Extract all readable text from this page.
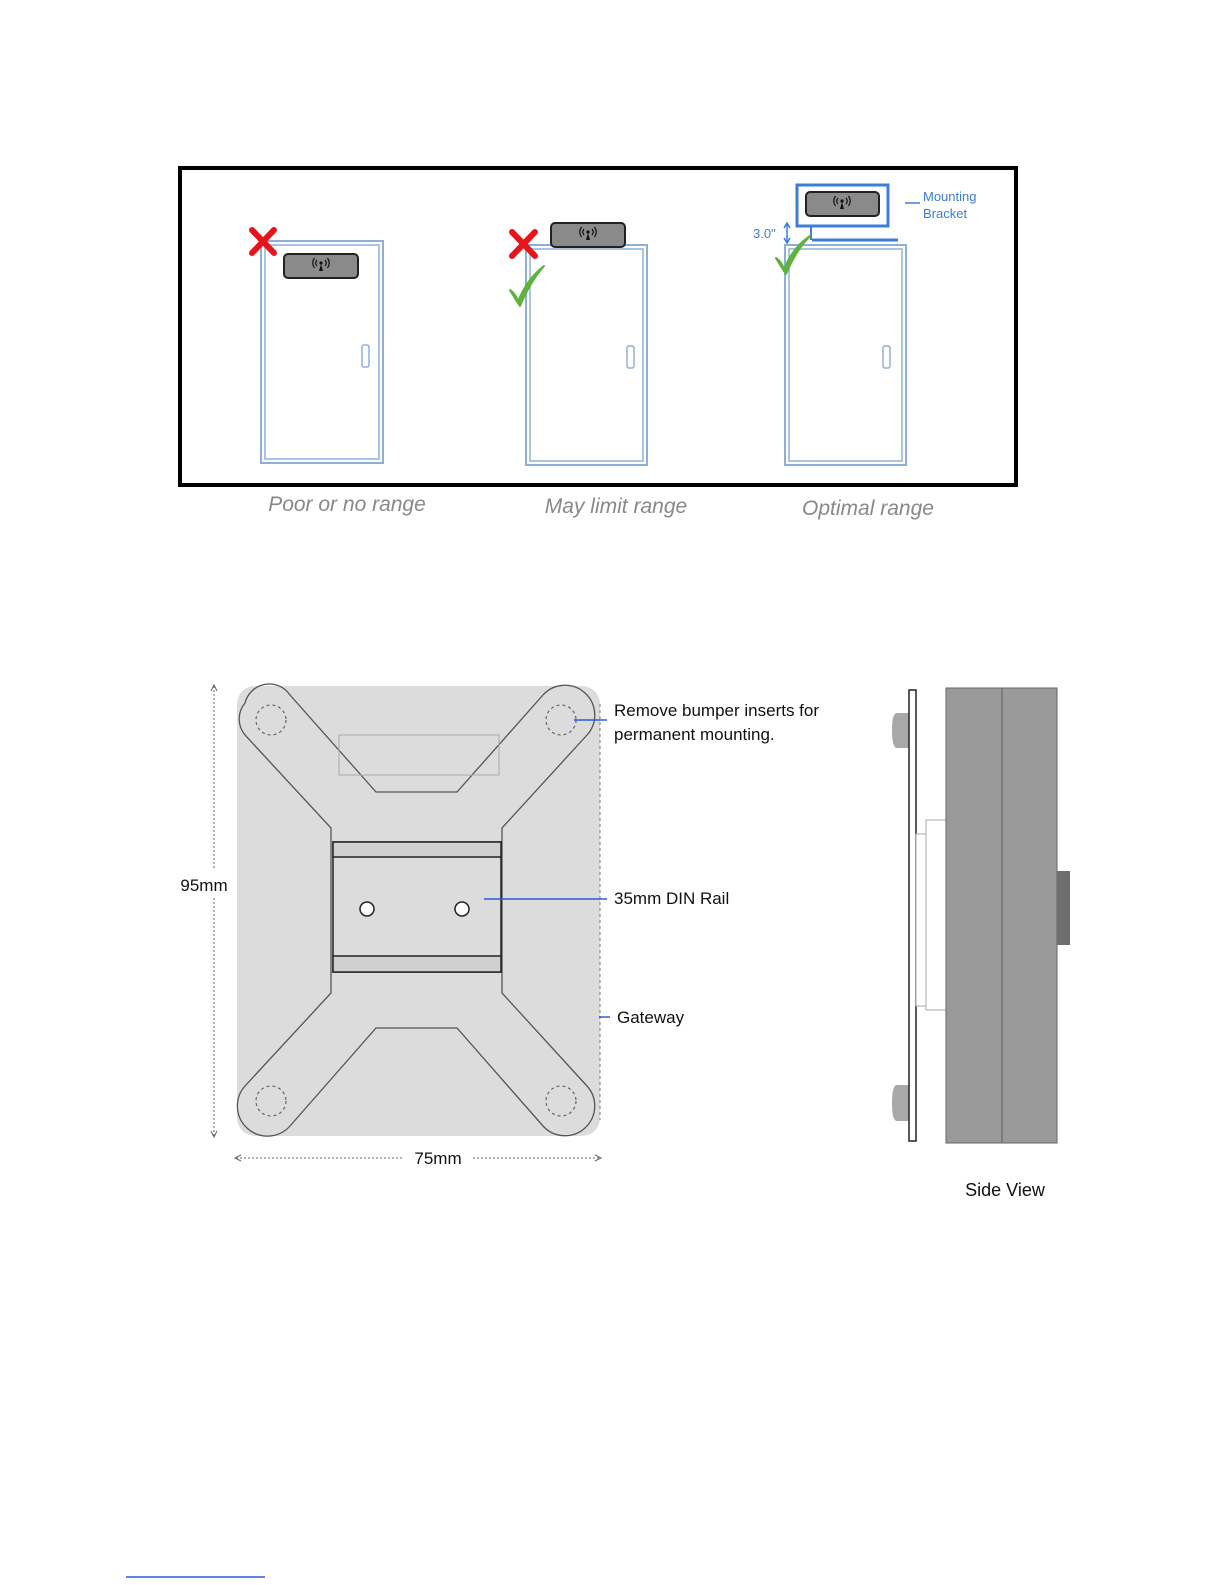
3.0"
Mounting
Bracket
Poor or no range	May limit range	Optimal range
Remove bumper inserts for
permanent mounting.
35mm DIN Rail
Gateway
95mm
75mm
Side View
